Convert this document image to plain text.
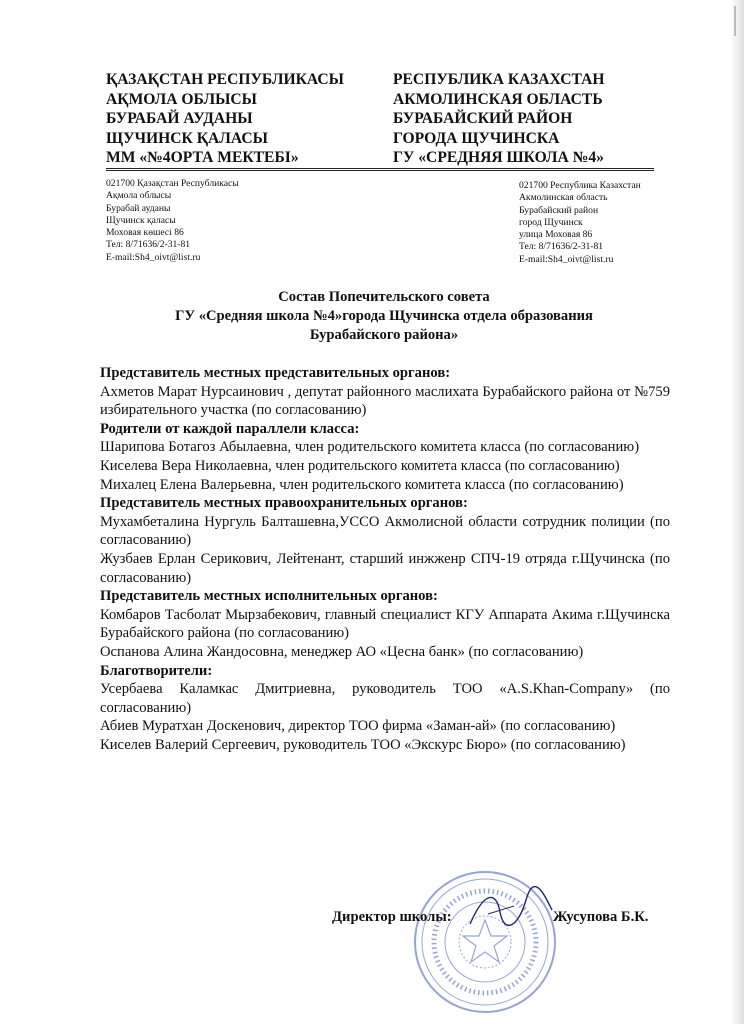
ҚАЗАҚСТАН РЕСПУБЛИКАСЫ
АҚМОЛА ОБЛЫСЫ
БУРАБАЙ АУДАНЫ
ЩУЧИНСК ҚАЛАСЫ
ММ «№4ОРТА МЕКТЕБІ»
РЕСПУБЛИКА КАЗАХСТАН
АКМОЛИНСКАЯ ОБЛАСТЬ
БУРАБАЙСКИЙ РАЙОН
ГОРОДА ЩУЧИНСКА
ГУ «СРЕДНЯЯ ШКОЛА №4»
021700 Қазақстан Республикасы
Ақмола облысы
Бурабай ауданы
Щучинск қаласы
Моховая көшесі 86
Тел: 8/71636/2-31-81
E-mail:Sh4_oivt@list.ru
021700 Республика Казахстан
Акмолинская область
Бурабайский район
город Щучинск
улица Моховая 86
Тел: 8/71636/2-31-81
E-mail:Sh4_oivt@list.ru
Состав Попечительского совета
ГУ «Средняя школа №4»города Щучинска отдела образования
Бурабайского района»
Представитель местных представительных органов:
Ахметов Марат Нурсаинович , депутат районного маслихата Бурабайского района от №759 избирательного участка (по согласованию)
Родители от каждой параллели класса:
Шарипова Ботагоз Абылаевна, член родительского комитета класса (по согласованию)
Киселева Вера Николаевна, член родительского комитета класса (по согласованию)
Михалец Елена Валерьевна, член родительского комитета класса (по согласованию)
Представитель местных правоохранительных органов:
Мухамбеталина Нургуль Балташевна,УССО Акмолисной области сотрудник полиции (по согласованию)
Жузбаев Ерлан Серикович, Лейтенант, старший инжженр СПЧ-19 отряда г.Щучинска (по согласованию)
Представитель местных исполнительных органов:
Комбаров Тасболат Мырзабекович, главный специалист КГУ Аппарата Акима г.Щучинска Бурабайского района (по согласованию)
Оспанова Алина Жандосовна, менеджер АО «Цесна банк» (по согласованию)
Благотворители:
Усербаева Каламкас Дмитриевна, руководитель ТОО «A.S.Khan-Company» (по согласованию)
Абиев Муратхан Доскенович, директор ТОО фирма «Заман-ай» (по согласованию)
Киселев Валерий Сергеевич, руководитель ТОО «Экскурс Бюро» (по согласованию)
Директор школы:	Жусупова Б.К.
